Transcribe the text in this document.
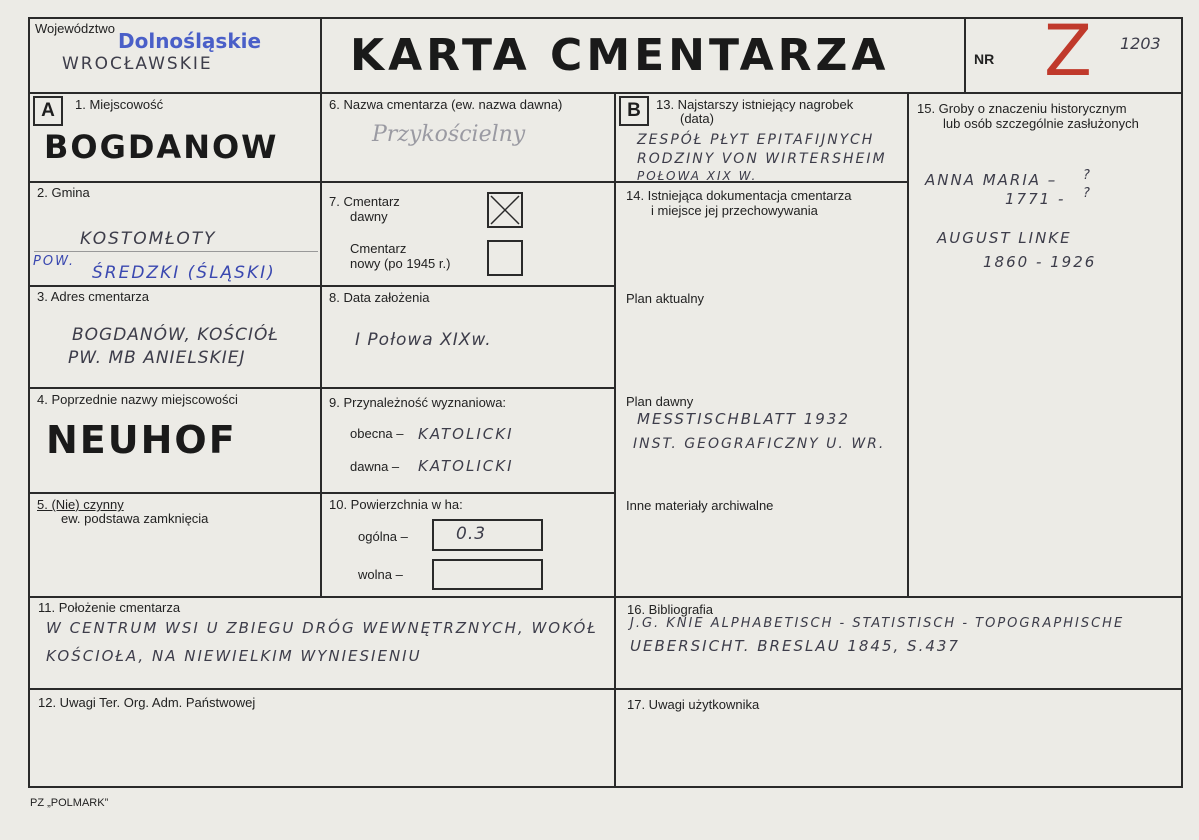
Województwo
Dolnośląskie
WROCŁAWSKIE	KARTA CMENTARZA	NR Z 1203
A	1. Miejscowość
BOGDANOW
2. Gmina
KOSTOMŁOTY
POW.
ŚREDZKI (ŚLĄSKI)
3. Adres cmentarza
BOGDANÓW, KOŚCIÓŁ
PW. MB ANIELSKIEJ
4. Poprzednie nazwy miejscowości
NEUHOF
5. (Nie) czynny
ew. podstawa zamknięcia
6. Nazwa cmentarza (ew. nazwa dawna)
Przykościelny
7. Cmentarz
dawny
Cmentarz
nowy (po 1945 r.)
8. Data założenia
I Połowa XIXw.
9. Przynależność wyznaniowa:
obecna – KATOLICKI
dawna – KATOLICKI
10. Powierzchnia w ha:
ogólna –	0.3
wolna –
B	13. Najstarszy istniejący nagrobek
(data)
ZESPÓŁ PŁYT EPITAFIJNYCH
RODZINY VON WIRTERSHEIM
POŁOWA XIX W.
14. Istniejąca dokumentacja cmentarza
i miejsce jej przechowywania
Plan aktualny
Plan dawny
MESSTISCHBLATT 1932
INST. GEOGRAFICZNY U. WR.
Inne materiały archiwalne
15. Groby o znaczeniu historycznym
lub osób szczególnie zasłużonych
ANNA MARIA – ?
1771 - ?
AUGUST LINKE
1860 - 1926
11. Położenie cmentarza
W CENTRUM WSI U ZBIEGU DRÓG WEWNĘTRZNYCH, WOKÓŁ
KOŚCIOŁA, NA NIEWIELKIM WYNIESIENIU
16. Bibliografia
J.G. KNIE ALPHABETISCH - STATISTISCH - TOPOGRAPHISCHE
UEBERSICHT. BRESLAU 1845, S.437
12. Uwagi Ter. Org. Adm. Państwowej	17. Uwagi użytkownika
PZ „POLMARK”
